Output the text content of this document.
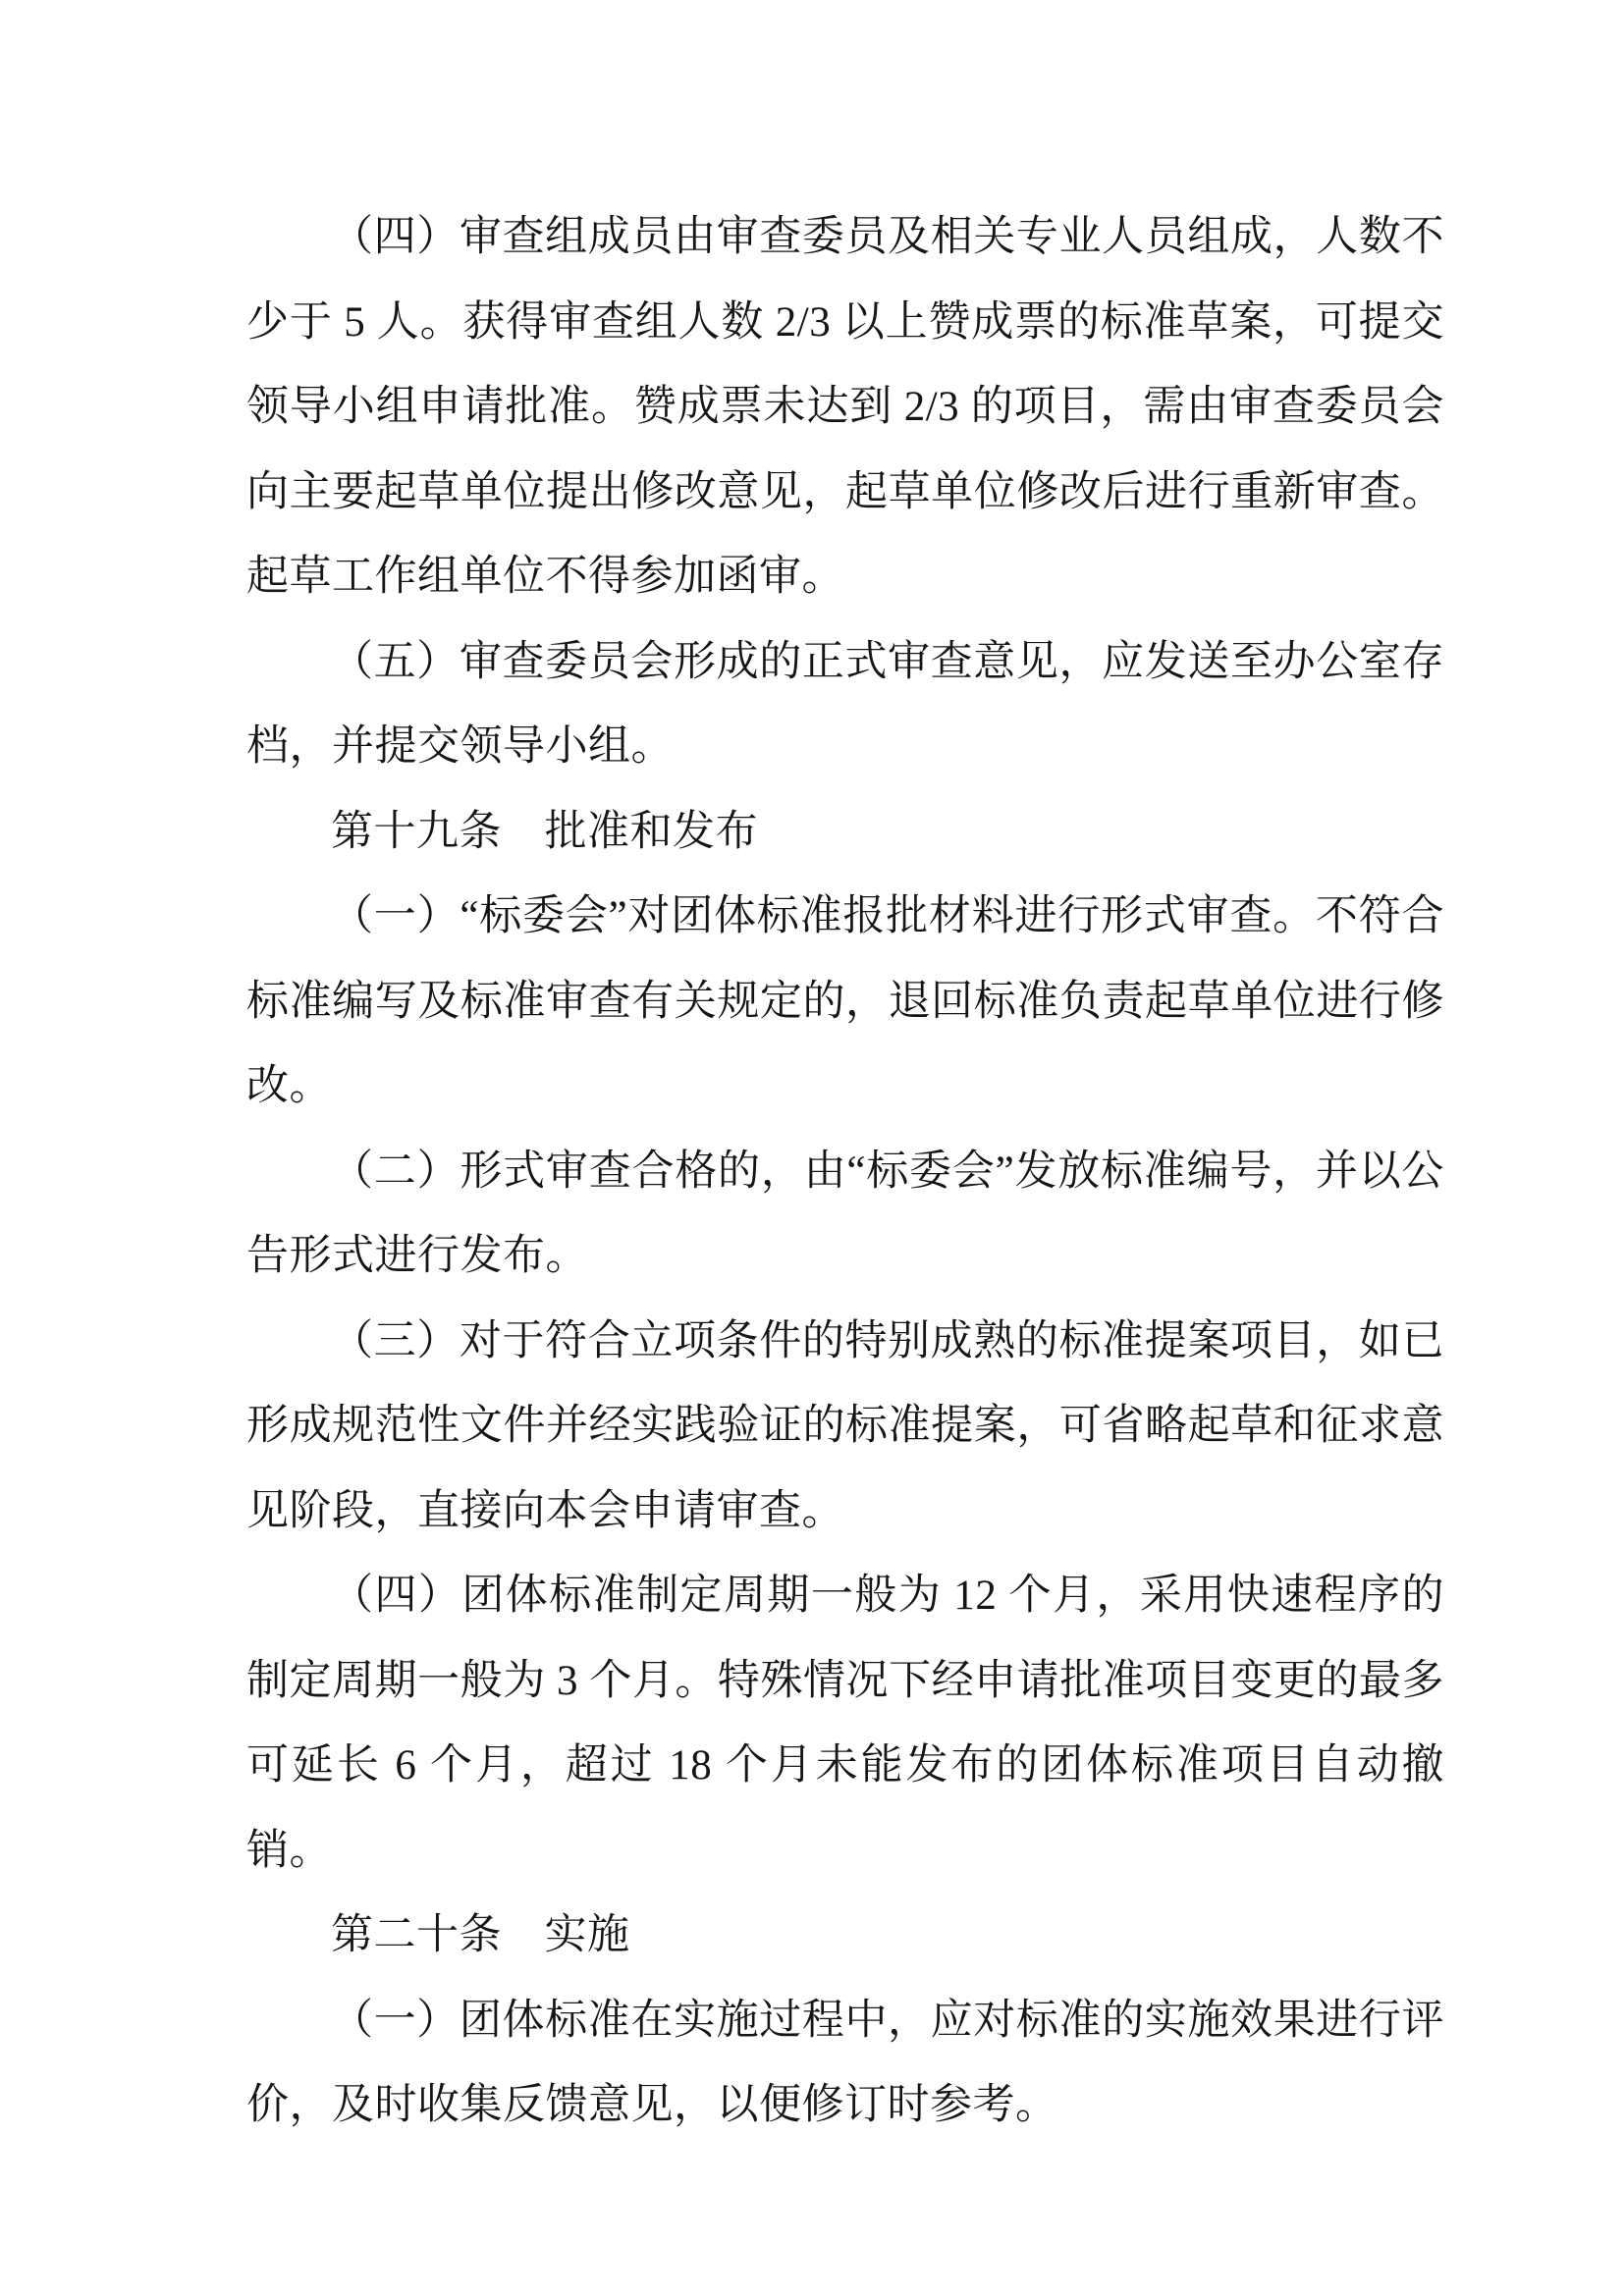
（四）审查组成员由审查委员及相关专业人员组成，人数不少于 5 人。获得审查组人数 2/3 以上赞成票的标准草案，可提交领导小组申请批准。赞成票未达到 2/3 的项目，需由审查委员会向主要起草单位提出修改意见，起草单位修改后进行重新审查。起草工作组单位不得参加函审。

（五）审查委员会形成的正式审查意见，应发送至办公室存档，并提交领导小组。

第十九条　批准和发布

（一）“标委会”对团体标准报批材料进行形式审查。不符合标准编写及标准审查有关规定的，退回标准负责起草单位进行修改。

（二）形式审查合格的，由“标委会”发放标准编号，并以公告形式进行发布。

（三）对于符合立项条件的特别成熟的标准提案项目，如已形成规范性文件并经实践验证的标准提案，可省略起草和征求意见阶段，直接向本会申请审查。

（四）团体标准制定周期一般为 12 个月，采用快速程序的制定周期一般为 3 个月。特殊情况下经申请批准项目变更的最多可延长 6 个月，超过 18 个月未能发布的团体标准项目自动撤销。

第二十条　实施

（一）团体标准在实施过程中，应对标准的实施效果进行评价，及时收集反馈意见，以便修订时参考。
